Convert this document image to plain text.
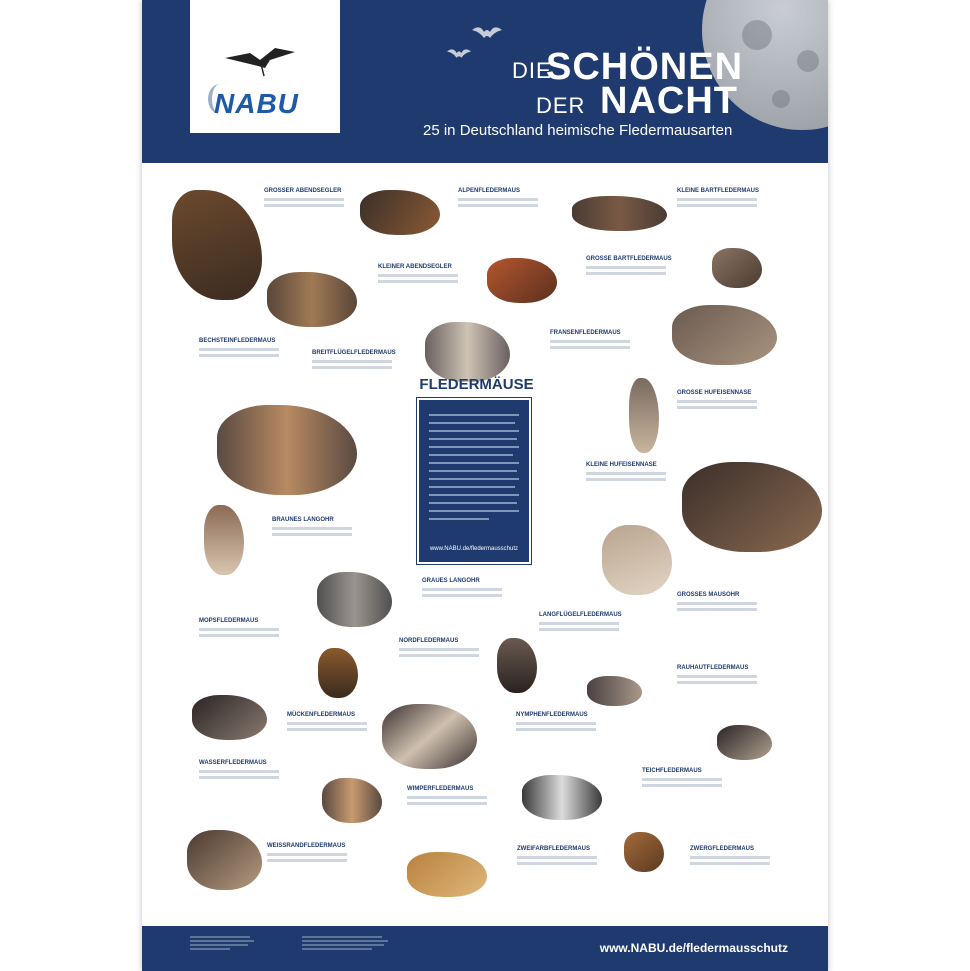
NABU
DIE
SCHÖNEN
DER NACHT
25 in Deutschland heimische Fledermausarten
GROSSER ABENDSEGLER	ALPENFLEDERMAUS	KLEINE BARTFLEDERMAUS
KLEINER ABENDSEGLER
GROSSE BARTFLEDERMAUS
BECHSTEINFLEDERMAUS
BREITFLÜGELFLEDERMAUS
FRANSENFLEDERMAUS
GROSSE HUFEISENNASE
KLEINE HUFEISENNASE
BRAUNES LANGOHR
GRAUES LANGOHR
GROSSES MAUSOHR
MOPSFLEDERMAUS
LANGFLÜGELFLEDERMAUS
NORDFLEDERMAUS
RAUHAUTFLEDERMAUS
MÜCKENFLEDERMAUS	NYMPHENFLEDERMAUS
WASSERFLEDERMAUS
TEICHFLEDERMAUS
WIMPERFLEDERMAUS
WEISSRANDFLEDERMAUS	ZWEIFARBFLEDERMAUS	ZWERGFLEDERMAUS
FLEDERMÄUSE
www.NABU.de/fledermausschutz
www.NABU.de/fledermausschutz
